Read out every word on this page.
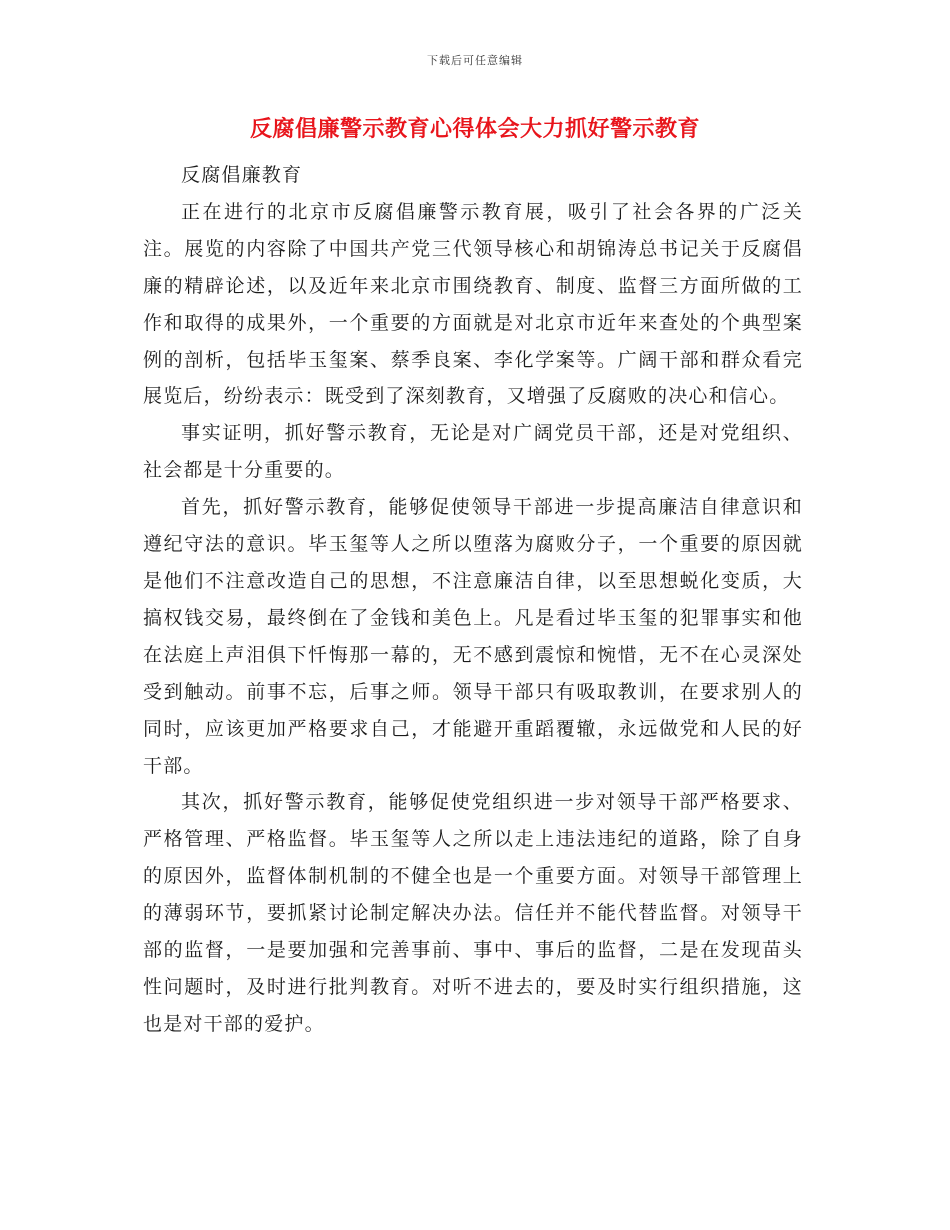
下载后可任意编辑
反腐倡廉警示教育心得体会大力抓好警示教育

反腐倡廉教育

正在进行的北京市反腐倡廉警示教育展，吸引了社会各界的广泛关注。展览的内容除了中国共产党三代领导核心和胡锦涛总书记关于反腐倡廉的精辟论述，以及近年来北京市围绕教育、制度、监督三方面所做的工作和取得的成果外，一个重要的方面就是对北京市近年来查处的个典型案例的剖析，包括毕玉玺案、蔡季良案、李化学案等。广阔干部和群众看完展览后，纷纷表示：既受到了深刻教育，又增强了反腐败的决心和信心。

事实证明，抓好警示教育，无论是对广阔党员干部，还是对党组织、社会都是十分重要的。

首先，抓好警示教育，能够促使领导干部进一步提高廉洁自律意识和遵纪守法的意识。毕玉玺等人之所以堕落为腐败分子，一个重要的原因就是他们不注意改造自己的思想，不注意廉洁自律，以至思想蜕化变质，大搞权钱交易，最终倒在了金钱和美色上。凡是看过毕玉玺的犯罪事实和他在法庭上声泪俱下忏悔那一幕的，无不感到震惊和惋惜，无不在心灵深处受到触动。前事不忘，后事之师。领导干部只有吸取教训，在要求别人的同时，应该更加严格要求自己，才能避开重蹈覆辙，永远做党和人民的好干部。

其次，抓好警示教育，能够促使党组织进一步对领导干部严格要求、严格管理、严格监督。毕玉玺等人之所以走上违法违纪的道路，除了自身的原因外，监督体制机制的不健全也是一个重要方面。对领导干部管理上的薄弱环节，要抓紧讨论制定解决办法。信任并不能代替监督。对领导干部的监督，一是要加强和完善事前、事中、事后的监督，二是在发现苗头性问题时，及时进行批判教育。对听不进去的，要及时实行组织措施，这也是对干部的爱护。
